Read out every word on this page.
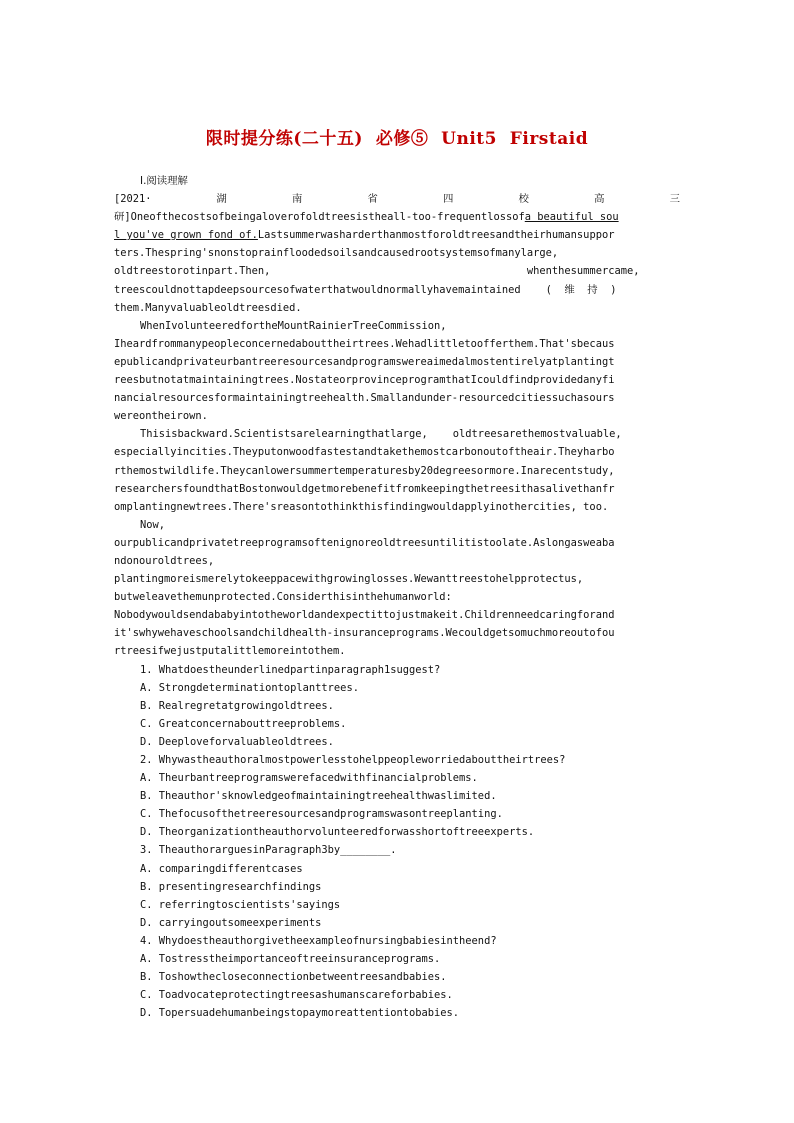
限时提分练(二十五)  必修⑤  Unit5  Firstaid
Ⅰ.阅读理解
[2021·          湖          南          省          四          校          高          三
研]Oneofthecostsofbeingaloverofoldtreesistheall-too-frequentlossofa beautiful sou
l you've grown fond of.Lastsummerwasharderthanmostforoldtreesandtheirhumansuppor
ters.Thespring'snonstoprainfloodedsoilsandcausedrootsystemsofmanylarge,
oldtreestorotinpart.Then,                                         whenthesummercame,
treescouldnottapdeepsourcesofwaterthatwouldnormallyhavemaintained    (  维  持  )
them.Manyvaluableoldtreesdied.
WhenIvolunteeredfortheMountRainierTreeCommission,
Iheardfrommanypeopleconcernedabouttheirtrees.Wehadlittletoofferthem.That'sbecaus
epublicandprivateurbantreeresourcesandprogramswereaimedalmostentirelyatplantingt
reesbutnotatmaintainingtrees.NostateorprovinceprogramthatIcouldfindprovidedanyfi
nancialresourcesformaintainingtreehealth.Smallandunder-resourcedcitiessuchasours
wereontheirown.
Thisisbackward.Scientistsarelearningthatlarge,    oldtreesarethemostvaluable,
especiallyincities.Theyputonwoodfastestandtakethemostcarbonoutoftheair.Theyharbo
rthemostwildlife.Theycanlowersummertemperaturesby20degreesormore.Inarecentstudy,
researchersfoundthatBostonwouldgetmorebenefitfromkeepingthetreesithasalivethanfr
omplantingnewtrees.There'sreasontothinkthisfindingwouldapplyinothercities, too.
Now,
ourpublicandprivatetreeprogramsoftenignoreoldtreesuntilitistoolate.Aslongasweaba
ndonouroldtrees,
plantingmoreismerelytokeeppacewithgrowinglosses.Wewanttreestohelpprotectus,
butweleavethemunprotected.Considerthisinthehumanworld:
Nobodywouldsendababyintotheworldandexpectittojustmakeit.Childrenneedcaringforand
it'swhywehaveschoolsandchildhealth-insuranceprograms.Wecouldgetsomuchmoreoutofou
rtreesifwejustputalittlemoreintothem.
1. Whatdoestheunderlinedpartinparagraph1suggest?
A. Strongdeterminationtoplanttrees.
B. Realregretatgrowingoldtrees.
C. Greatconcernabouttreeproblems.
D. Deeploveforvaluableoldtrees.
2. Whywastheauthoralmostpowerlesstohelppeopleworriedabouttheirtrees?
A. Theurbantreeprogramswerefacedwithfinancialproblems.
B. Theauthor'sknowledgeofmaintainingtreehealthwaslimited.
C. Thefocusofthetreeresourcesandprogramswasontreeplanting.
D. Theorganizationtheauthorvolunteeredforwasshortoftreeexperts.
3. TheauthorarguesinParagraph3by________.
A. comparingdifferentcases
B. presentingresearchfindings
C. referringtoscientists'sayings
D. carryingoutsomeexperiments
4. Whydoestheauthorgivetheexampleofnursingbabiesintheend?
A. Tostresstheimportanceoftreeinsuranceprograms.
B. Toshowthecloseconnectionbetweentreesandbabies.
C. Toadvocateprotectingtreesashumanscareforbabies.
D. Topersuadehumanbeingstopaymoreattentiontobabies.
